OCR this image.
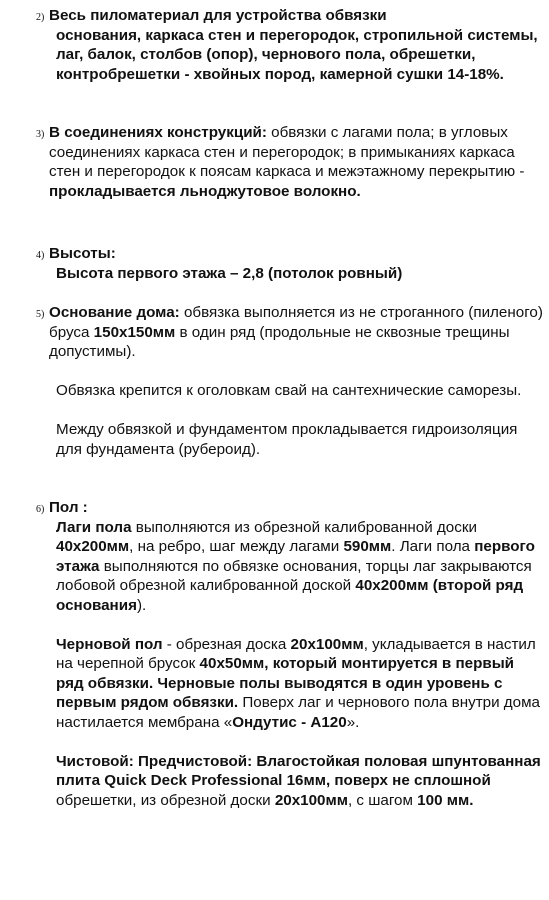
2) Весь пиломатериал для устройства обвязки

основания, каркаса стен и перегородок, стропильной системы, лаг, балок, столбов (опор), чернового пола, обрешетки, контробрешетки - хвойных пород, камерной сушки 14-18%.

3) В соединениях конструкций: обвязки с лагами пола; в угловых соединениях каркаса стен и перегородок; в примыканиях каркаса стен и перегородок к поясам каркаса и межэтажному перекрытию - прокладывается льноджутовое волокно.

4) Высоты:

Высота первого этажа – 2,8 (потолок ровный)

5) Основание дома: обвязка выполняется из не строганного (пиленого) бруса 150х150мм в один ряд (продольные не сквозные трещины допустимы).

Обвязка крепится к оголовкам свай на сантехнические саморезы.

Между обвязкой и фундаментом прокладывается гидроизоляция для фундамента (рубероид).

6) Пол :

Лаги пола выполняются из обрезной калиброванной доски 40х200мм, на ребро, шаг между лагами 590мм. Лаги пола первого этажа выполняются по обвязке основания, торцы лаг закрываются лобовой обрезной калиброванной доской 40х200мм (второй ряд основания).

Черновой пол - обрезная доска 20х100мм, укладывается в настил на черепной брусок 40х50мм, который монтируется в первый ряд обвязки. Черновые полы выводятся в один уровень с первым рядом обвязки. Поверх лаг и чернового пола внутри дома настилается мембрана «Ондутис - А120».

Чистовой: Предчистовой: Влагостойкая половая шпунтованная плита Quick Deck Professional 16мм, поверх не сплошной обрешетки, из обрезной доски 20х100мм, с шагом 100 мм.
